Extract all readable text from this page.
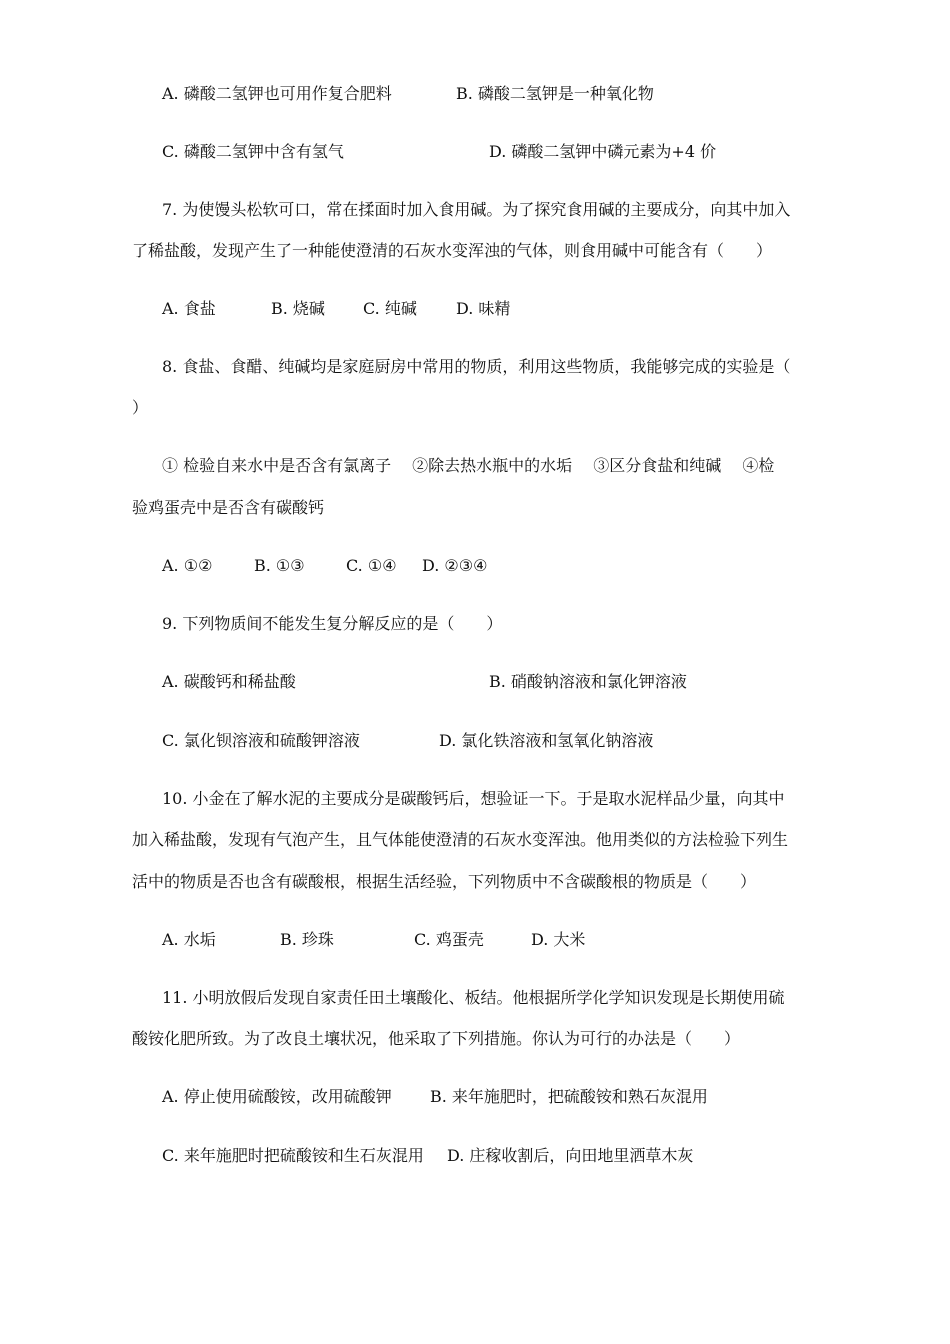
A. 磷酸二氢钾也可用作复合肥料	B. 磷酸二氢钾是一种氧化物
C. 磷酸二氢钾中含有氢气	D. 磷酸二氢钾中磷元素为+4 价
7. 为使馒头松软可口，常在揉面时加入食用碱。为了探究食用碱的主要成分，向其中加入
了稀盐酸，发现产生了一种能使澄清的石灰水变浑浊的气体，则食用碱中可能含有（　　）
A. 食盐	B. 烧碱 C. 纯碱 D. 味精
8. 食盐、食醋、纯碱均是家庭厨房中常用的物质，利用这些物质，我能够完成的实验是（
）
① 检验自来水中是否含有氯离子　 ②除去热水瓶中的水垢　 ③区分食盐和纯碱　 ④检
验鸡蛋壳中是否含有碳酸钙
A. ①②	B. ①③	C. ①④ D. ②③④
9. 下列物质间不能发生复分解反应的是（　　）
A. 碳酸钙和稀盐酸	B. 硝酸钠溶液和氯化钾溶液
C. 氯化钡溶液和硫酸钾溶液	D. 氯化铁溶液和氢氧化钠溶液
10. 小金在了解水泥的主要成分是碳酸钙后，想验证一下。于是取水泥样品少量，向其中
加入稀盐酸，发现有气泡产生，且气体能使澄清的石灰水变浑浊。他用类似的方法检验下列生
活中的物质是否也含有碳酸根，根据生活经验，下列物质中不含碳酸根的物质是（　　）
A. 水垢	B. 珍珠	C. 鸡蛋壳	D. 大米
11. 小明放假后发现自家责任田土壤酸化、板结。他根据所学化学知识发现是长期使用硫
酸铵化肥所致。为了改良土壤状况，他采取了下列措施。你认为可行的办法是（　　）
A. 停止使用硫酸铵，改用硫酸钾 B. 来年施肥时，把硫酸铵和熟石灰混用
C. 来年施肥时把硫酸铵和生石灰混用 D. 庄稼收割后，向田地里洒草木灰
